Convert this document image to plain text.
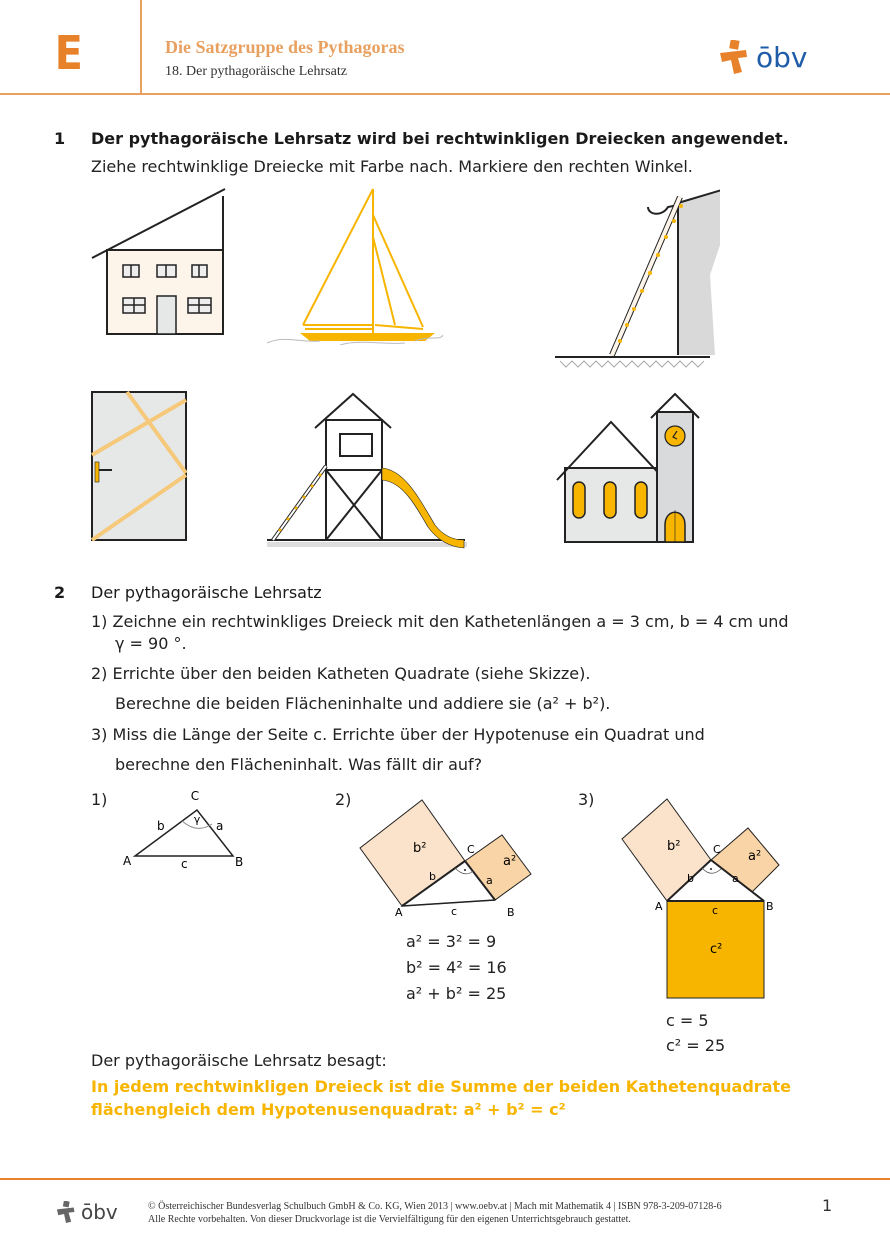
E	Die Satzgruppe des Pythagoras
18. Der pythagoräische Lehrsatz	ōbv
1 Der pythagoräische Lehrsatz wird bei rechtwinkligen Dreiecken angewendet.
Ziehe rechtwinklige Dreiecke mit Farbe nach. Markiere den rechten Winkel.
2 Der pythagoräische Lehrsatz
1) Zeichne ein rechtwinkliges Dreieck mit den Kathetenlängen a = 3 cm, b = 4 cm und
γ = 90 °.
2) Errichte über den beiden Katheten Quadrate (siehe Skizze).
Berechne die beiden Flächeninhalte und addiere sie (a² + b²).
3) Miss die Länge der Seite c. Errichte über der Hypotenuse ein Quadrat und
berechne den Flächeninhalt. Was fällt dir auf?
1)	C
A	B
b	a
c
γ
2)
b²
a²
C
A	B
b	a
c
a² = 3² = 9
b² = 4² = 16
a² + b² = 25
3)
b²
a²
c²
C
A	B
b	a
c
c = 5
c² = 25
Der pythagoräische Lehrsatz besagt:
In jedem rechtwinkligen Dreieck ist die Summe der beiden Kathetenquadrate
flächengleich dem Hypotenusenquadrat: a² + b² = c²
ōbv	© Österreichischer Bundesverlag Schulbuch GmbH & Co. KG, Wien 2013 | www.oebv.at | Mach mit Mathematik 4 | ISBN 978-3-209-07128-6
Alle Rechte vorbehalten. Von dieser Druckvorlage ist die Vervielfältigung für den eigenen Unterrichtsgebrauch gestattet.
1
